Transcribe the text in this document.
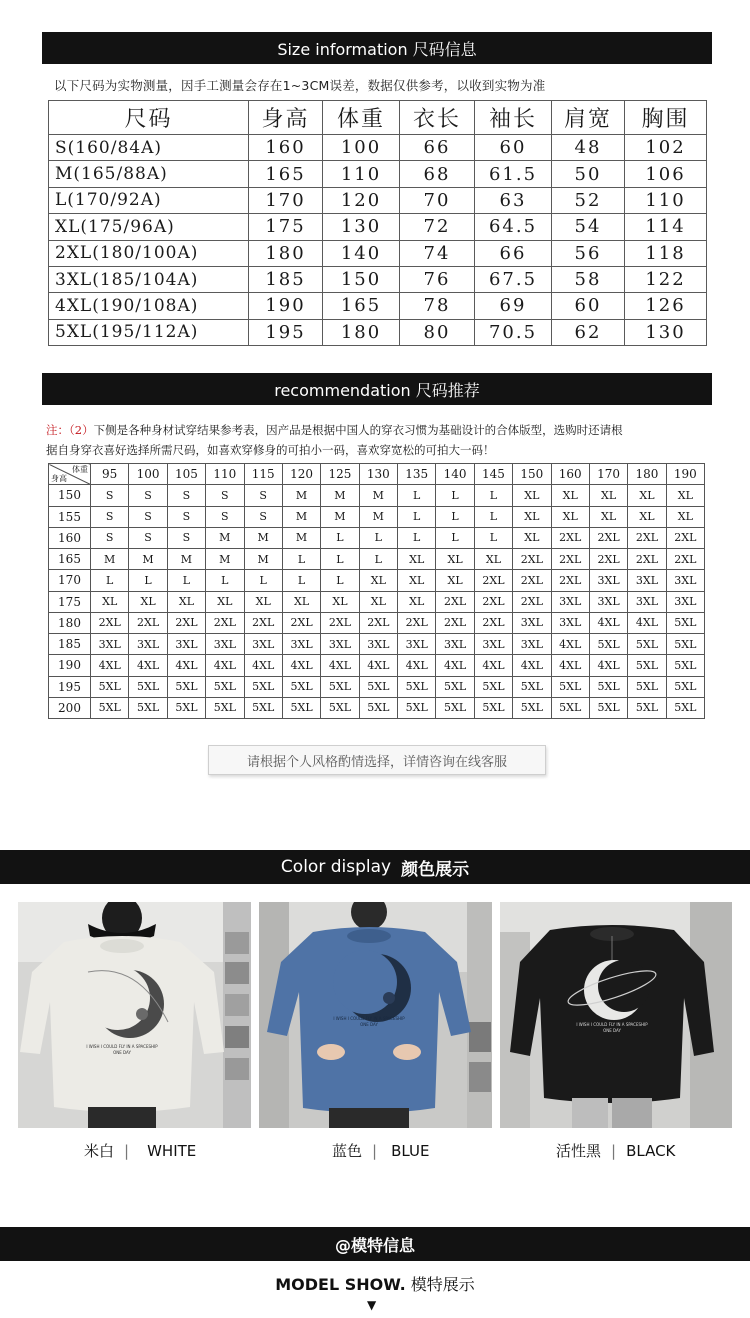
Size information 尺码信息
以下尺码为实物测量，因手工测量会存在1~3CM误差，数据仅供参考，以收到实物为准
尺码	身高	体重	衣长	袖长	肩宽	胸围
S(160/84A)	160	100	66	60	48	102
M(165/88A)	165	110	68	61.5	50	106
L(170/92A)	170	120	70	63	52	110
XL(175/96A)	175	130	72	64.5	54	114
2XL(180/100A)	180	140	74	66	56	118
3XL(185/104A)	185	150	76	67.5	58	122
4XL(190/108A)	190	165	78	69	60	126
5XL(195/112A)	195	180	80	70.5	62	130
recommendation 尺码推荐
注：（2）下侧是各种身材试穿结果参考表，因产品是根据中国人的穿衣习惯为基础设计的合体版型，选购时还请根
据自身穿衣喜好选择所需尺码，如喜欢穿修身的可拍小一码，喜欢穿宽松的可拍大一码！
体重
身高	95	100	105	110	115	120	125	130	135	140	145	150	160	170	180	190
150	S	S	S	S	S	M	M	M	L	L	L	XL	XL	XL	XL	XL
155	S	S	S	S	S	M	M	M	L	L	L	XL	XL	XL	XL	XL
160	S	S	S	M	M	M	L	L	L	L	L	XL	2XL	2XL	2XL	2XL
165	M	M	M	M	M	L	L	L	XL	XL	XL	2XL	2XL	2XL	2XL	2XL
170	L	L	L	L	L	L	L	XL	XL	XL	2XL	2XL	2XL	3XL	3XL	3XL
175	XL	XL	XL	XL	XL	XL	XL	XL	XL	2XL	2XL	2XL	3XL	3XL	3XL	3XL
180	2XL	2XL	2XL	2XL	2XL	2XL	2XL	2XL	2XL	2XL	2XL	3XL	3XL	4XL	4XL	5XL
185	3XL	3XL	3XL	3XL	3XL	3XL	3XL	3XL	3XL	3XL	3XL	3XL	4XL	5XL	5XL	5XL
190	4XL	4XL	4XL	4XL	4XL	4XL	4XL	4XL	4XL	4XL	4XL	4XL	4XL	4XL	5XL	5XL
195	5XL	5XL	5XL	5XL	5XL	5XL	5XL	5XL	5XL	5XL	5XL	5XL	5XL	5XL	5XL	5XL
200	5XL	5XL	5XL	5XL	5XL	5XL	5XL	5XL	5XL	5XL	5XL	5XL	5XL	5XL	5XL	5XL
请根据个人风格酌情选择，详情咨询在线客服
Color display 颜色展示
I WISH I COULD FLY IN A SPACESHIP
ONE DAY
I WISH I COULD FLY IN A SPACESHIP
ONE DAY	I WISH I COULD FLY IN A SPACESHIP
ONE DAY
米白 | WHITE	蓝色 | BLUE	活性黑 | BLACK
@模特信息
MODEL SHOW. 模特展示
▼
